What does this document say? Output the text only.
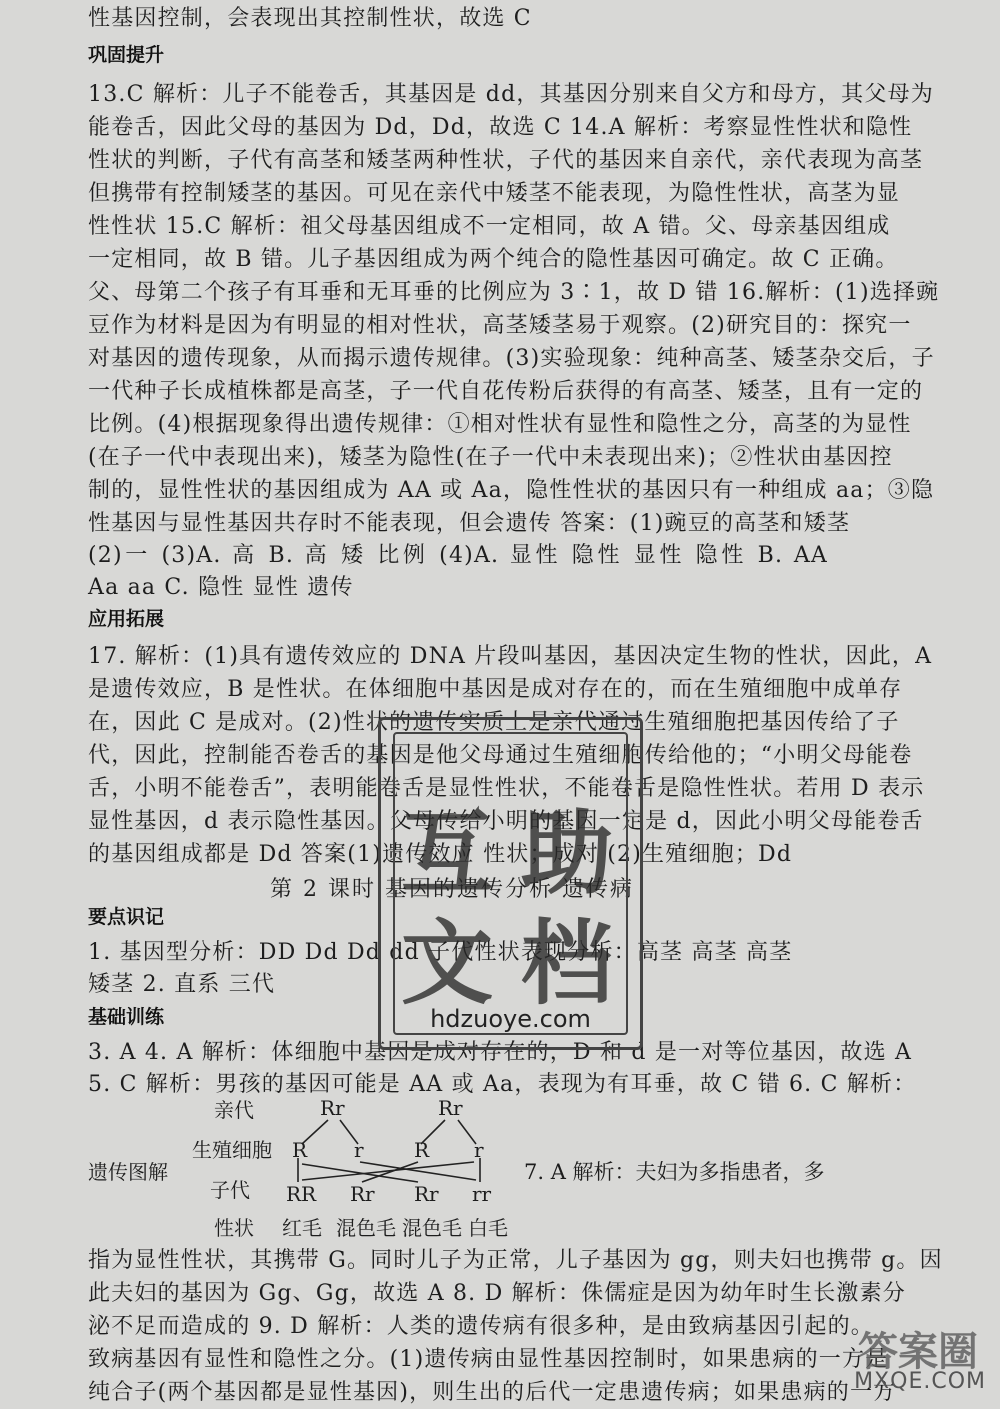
性基因控制，会表现出其控制性状，故选 C
巩固提升
13.C 解析：儿子不能卷舌，其基因是 dd，其基因分别来自父方和母方，其父母为
能卷舌，因此父母的基因为 Dd，Dd，故选 C 14.A 解析：考察显性性状和隐性
性状的判断，子代有高茎和矮茎两种性状，子代的基因来自亲代，亲代表现为高茎
但携带有控制矮茎的基因。可见在亲代中矮茎不能表现，为隐性性状，高茎为显
性性状 15.C 解析：祖父母基因组成不一定相同，故 A 错。父、母亲基因组成
一定相同，故 B 错。儿子基因组成为两个纯合的隐性基因可确定。故 C 正确。
父、母第二个孩子有耳垂和无耳垂的比例应为 3∶1，故 D 错 16.解析：(1)选择豌
豆作为材料是因为有明显的相对性状，高茎矮茎易于观察。(2)研究目的：探究一
对基因的遗传现象，从而揭示遗传规律。(3)实验现象：纯种高茎、矮茎杂交后，子
一代种子长成植株都是高茎，子一代自花传粉后获得的有高茎、矮茎，且有一定的
比例。(4)根据现象得出遗传规律：①相对性状有显性和隐性之分，高茎的为显性
(在子一代中表现出来)，矮茎为隐性(在子一代中未表现出来)；②性状由基因控
制的，显性性状的基因组成为 AA 或 Aa，隐性性状的基因只有一种组成 aa；③隐
性基因与显性基因共存时不能表现，但会遗传 答案：(1)豌豆的高茎和矮茎
(2)一 (3)A. 高 B. 高 矮 比例 (4)A. 显性 隐性 显性 隐性 B. AA
Aa aa C. 隐性 显性 遗传
应用拓展
17. 解析：(1)具有遗传效应的 DNA 片段叫基因，基因决定生物的性状，因此，A
是遗传效应，B 是性状。在体细胞中基因是成对存在的，而在生殖细胞中成单存
在，因此 C 是成对。(2)性状的遗传实质上是亲代通过生殖细胞把基因传给了子
代，因此，控制能否卷舌的基因是他父母通过生殖细胞传给他的；“小明父母能卷
舌，小明不能卷舌”，表明能卷舌是显性性状，不能卷舌是隐性性状。若用 D 表示
显性基因，d 表示隐性基因。父母传给小明的基因一定是 d，因此小明父母能卷舌
的基因组成都是 Dd 答案(1)遗传效应 性状；成对 (2)生殖细胞；Dd
第 2 课时 基因的遗传分析 遗传病
要点识记
1. 基因型分析：DD Dd Dd dd 子代性状表现分析：高茎 高茎 高茎
矮茎 2. 直系 三代
基础训练
3. A 4. A 解析：体细胞中基因是成对存在的，D 和 d 是一对等位基因，故选 A
5. C 解析：男孩的基因可能是 AA 或 Aa，表现为有耳垂，故 C 错 6. C 解析：
亲代
生殖细胞
遗传图解
子代
性状
Rr	Rr
R r	R r
RR Rr Rr rr
红毛 混色毛 混色毛 白毛
7. A 解析：夫妇为多指患者，多
指为显性性状，其携带 G。同时儿子为正常，儿子基因为 gg，则夫妇也携带 g。因
此夫妇的基因为 Gg、Gg，故选 A 8. D 解析：侏儒症是因为幼年时生长激素分
泌不足而造成的 9. D 解析：人类的遗传病有很多种，是由致病基因引起的。
致病基因有显性和隐性之分。(1)遗传病由显性基因控制时，如果患病的一方是
纯合子(两个基因都是显性基因)，则生出的后代一定患遗传病；如果患病的一方
互 助
文 档
hdzuoye.com
答案圈
MXQE.COM
